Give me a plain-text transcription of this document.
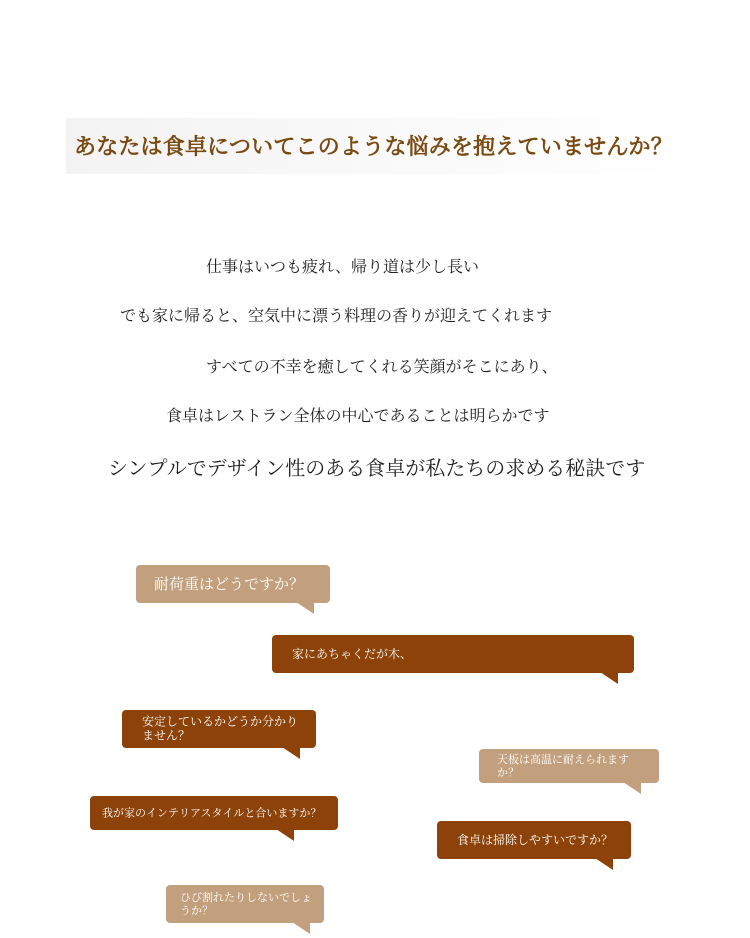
あなたは食卓についてこのような悩みを抱えていませんか？
仕事はいつも疲れ、帰り道は少し長い
でも家に帰ると、空気中に漂う料理の香りが迎えてくれます
すべての不幸を癒してくれる笑顔がそこにあり、
食卓はレストラン全体の中心であることは明らかです
シンプルでデザイン性のある食卓が私たちの求める秘訣です
耐荷重はどうですか？
家にあちゃくだが木、
安定しているかどうか分かりません？
天板は高温に耐えられますか？
我が家のインテリアスタイルと合いますか？
食卓は掃除しやすいですか？
ひび割れたりしないでしょうか？
